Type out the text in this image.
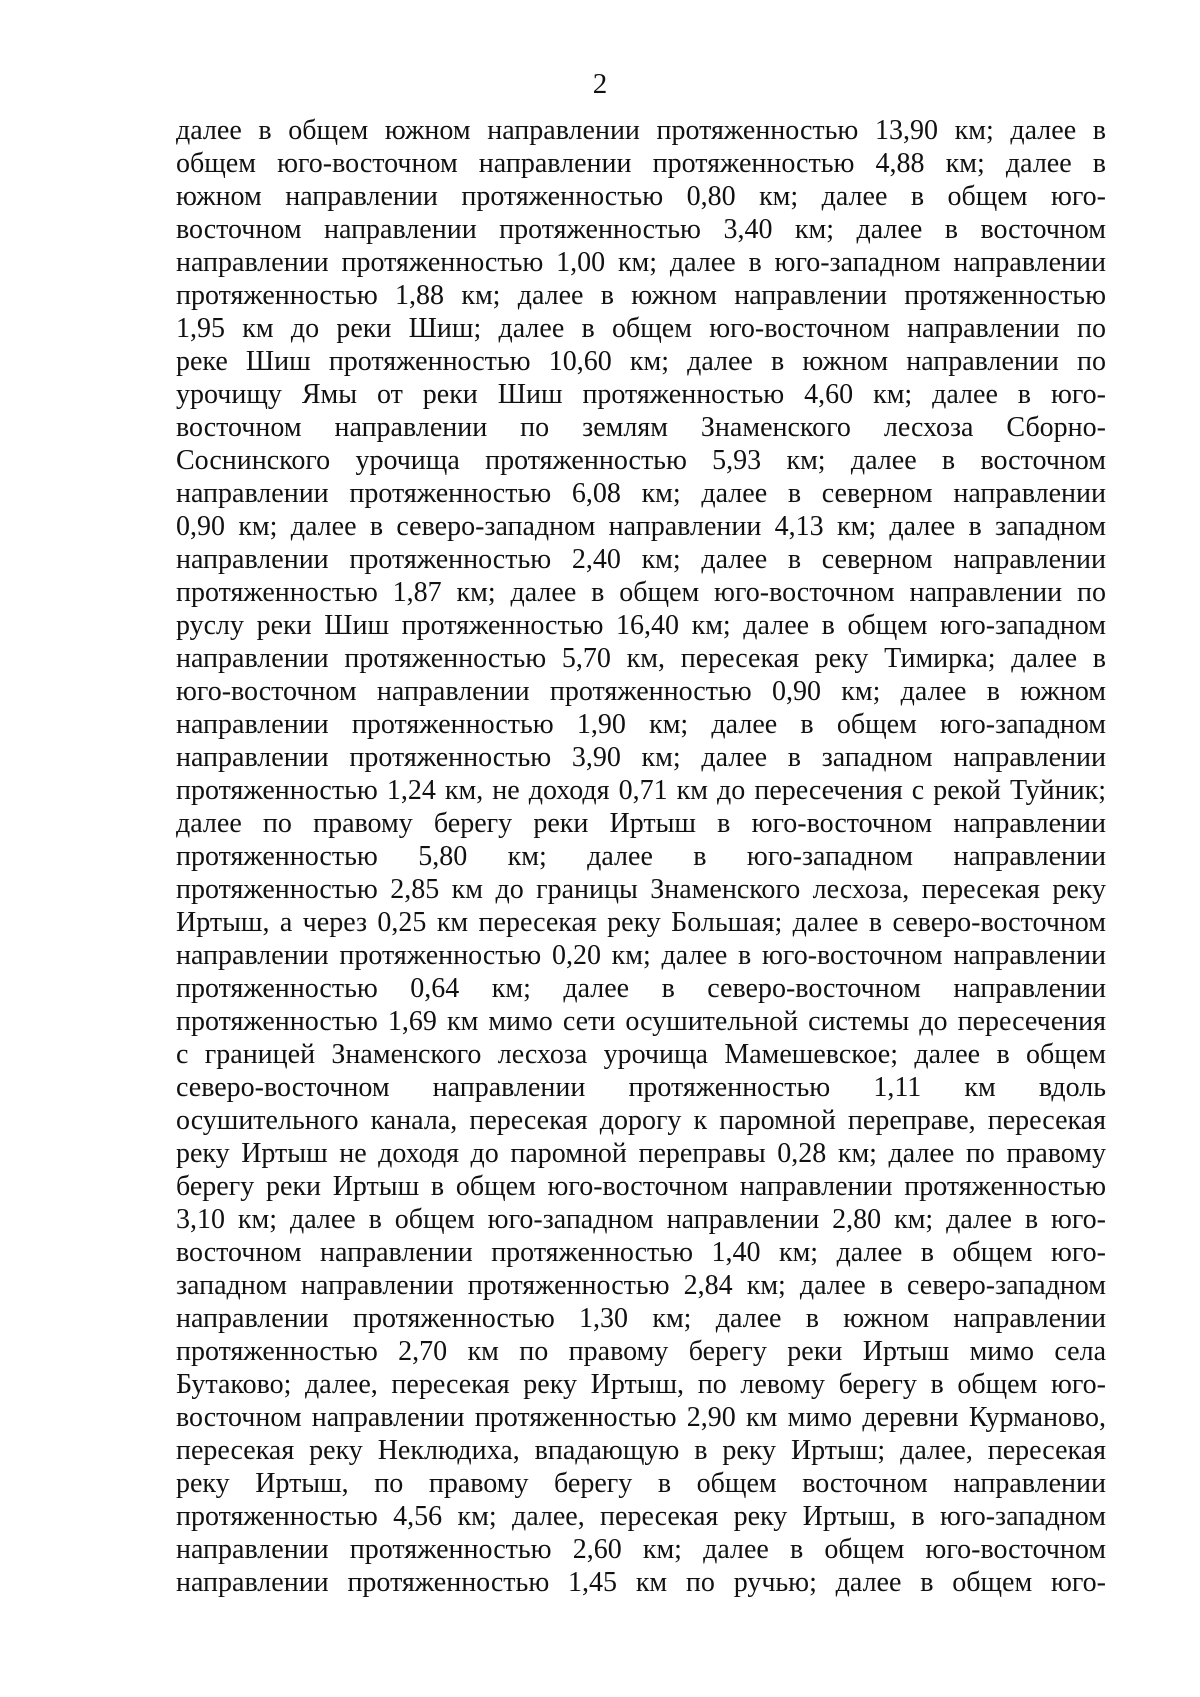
2
далее в общем южном направлении протяженностью 13,90 км; далее в
общем юго-восточном направлении протяженностью 4,88 км; далее в
южном направлении протяженностью 0,80 км; далее в общем юго-
восточном направлении протяженностью 3,40 км; далее в восточном
направлении протяженностью 1,00 км; далее в юго-западном направлении
протяженностью 1,88 км; далее в южном направлении протяженностью
1,95 км до реки Шиш; далее в общем юго-восточном направлении по
реке Шиш протяженностью 10,60 км; далее в южном направлении по
урочищу Ямы от реки Шиш протяженностью 4,60 км; далее в юго-
восточном направлении по землям Знаменского лесхоза Сборно-
Соснинского урочища протяженностью 5,93 км; далее в восточном
направлении протяженностью 6,08 км; далее в северном направлении
0,90 км; далее в северо-западном направлении 4,13 км; далее в западном
направлении протяженностью 2,40 км; далее в северном направлении
протяженностью 1,87 км; далее в общем юго-восточном направлении по
руслу реки Шиш протяженностью 16,40 км; далее в общем юго-западном
направлении протяженностью 5,70 км, пересекая реку Тимирка; далее в
юго-восточном направлении протяженностью 0,90 км; далее в южном
направлении протяженностью 1,90 км; далее в общем юго-западном
направлении протяженностью 3,90 км; далее в западном направлении
протяженностью 1,24 км, не доходя 0,71 км до пересечения с рекой Туйник;
далее по правому берегу реки Иртыш в юго-восточном направлении
протяженностью 5,80 км; далее в юго-западном направлении
протяженностью 2,85 км до границы Знаменского лесхоза, пересекая реку
Иртыш, а через 0,25 км пересекая реку Большая; далее в северо-восточном
направлении протяженностью 0,20 км; далее в юго-восточном направлении
протяженностью 0,64 км; далее в северо-восточном направлении
протяженностью 1,69 км мимо сети осушительной системы до пересечения
с границей Знаменского лесхоза урочища Мамешевское; далее в общем
северо-восточном направлении протяженностью 1,11 км вдоль
осушительного канала, пересекая дорогу к паромной переправе, пересекая
реку Иртыш не доходя до паромной переправы 0,28 км; далее по правому
берегу реки Иртыш в общем юго-восточном направлении протяженностью
3,10 км; далее в общем юго-западном направлении 2,80 км; далее в юго-
восточном направлении протяженностью 1,40 км; далее в общем юго-
западном направлении протяженностью 2,84 км; далее в северо-западном
направлении протяженностью 1,30 км; далее в южном направлении
протяженностью 2,70 км по правому берегу реки Иртыш мимо села
Бутаково; далее, пересекая реку Иртыш, по левому берегу в общем юго-
восточном направлении протяженностью 2,90 км мимо деревни Курманово,
пересекая реку Неклюдиха, впадающую в реку Иртыш; далее, пересекая
реку Иртыш, по правому берегу в общем восточном направлении
протяженностью 4,56 км; далее, пересекая реку Иртыш, в юго-западном
направлении протяженностью 2,60 км; далее в общем юго-восточном
направлении протяженностью 1,45 км по ручью; далее в общем юго-
